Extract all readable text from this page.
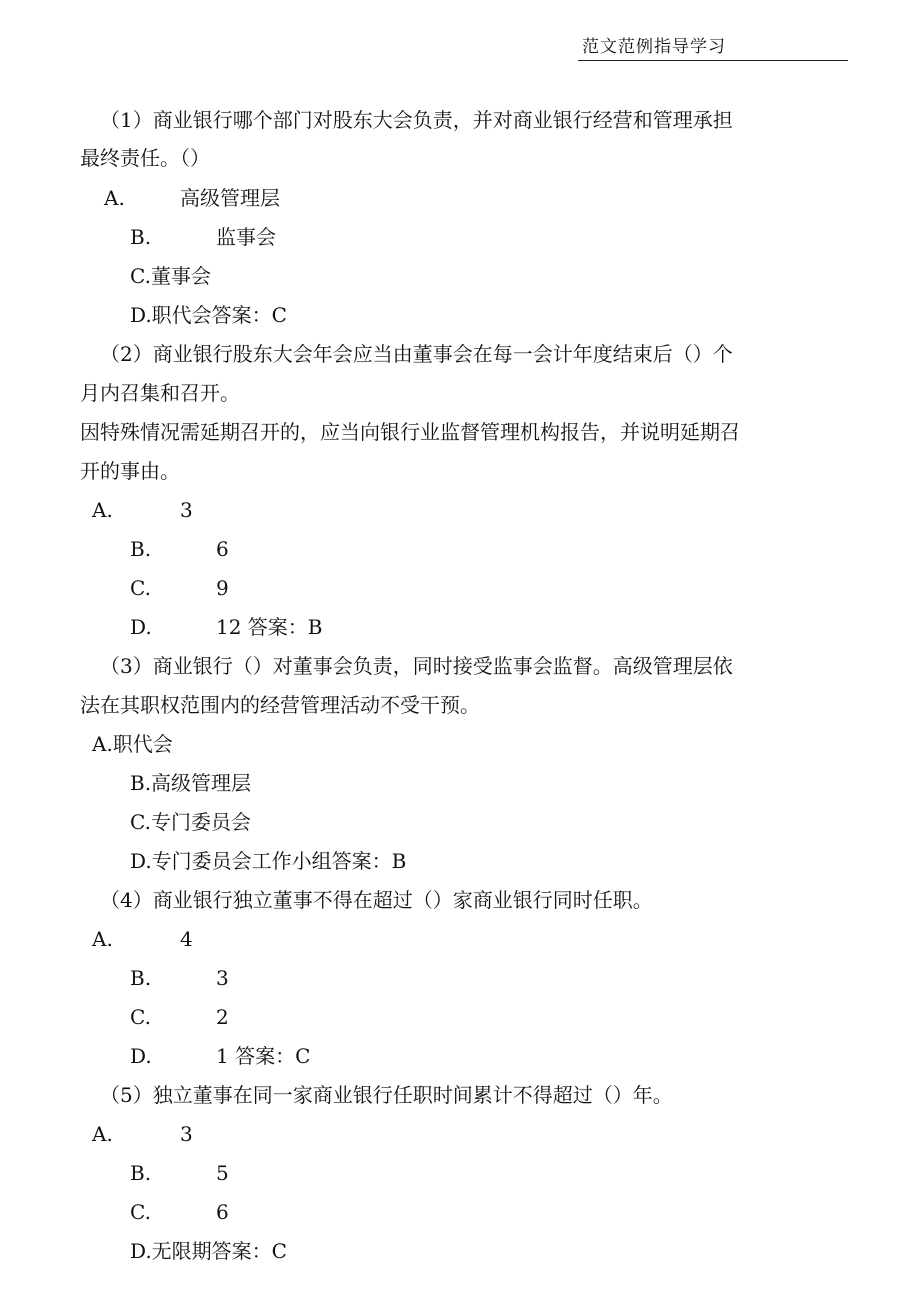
范文范例指导学习
（1）商业银行哪个部门对股东大会负责，并对商业银行经营和管理承担
最终责任。（）
A.	高级管理层
B.	监事会
C.董事会
D.职代会答案：C
（2）商业银行股东大会年会应当由董事会在每一会计年度结束后（）个
月内召集和召开。
因特殊情况需延期召开的，应当向银行业监督管理机构报告，并说明延期召
开的事由。
A.	3
B.	6
C.	9
D.	12 答案：B
（3）商业银行（）对董事会负责，同时接受监事会监督。高级管理层依
法在其职权范围内的经营管理活动不受干预。
A.职代会
B.高级管理层
C.专门委员会
D.专门委员会工作小组答案：B
（4）商业银行独立董事不得在超过（）家商业银行同时任职。
A.	4
B.	3
C.	2
D.	1 答案：C
（5）独立董事在同一家商业银行任职时间累计不得超过（）年。
A.	3
B.	5
C.	6
D.无限期答案：C
